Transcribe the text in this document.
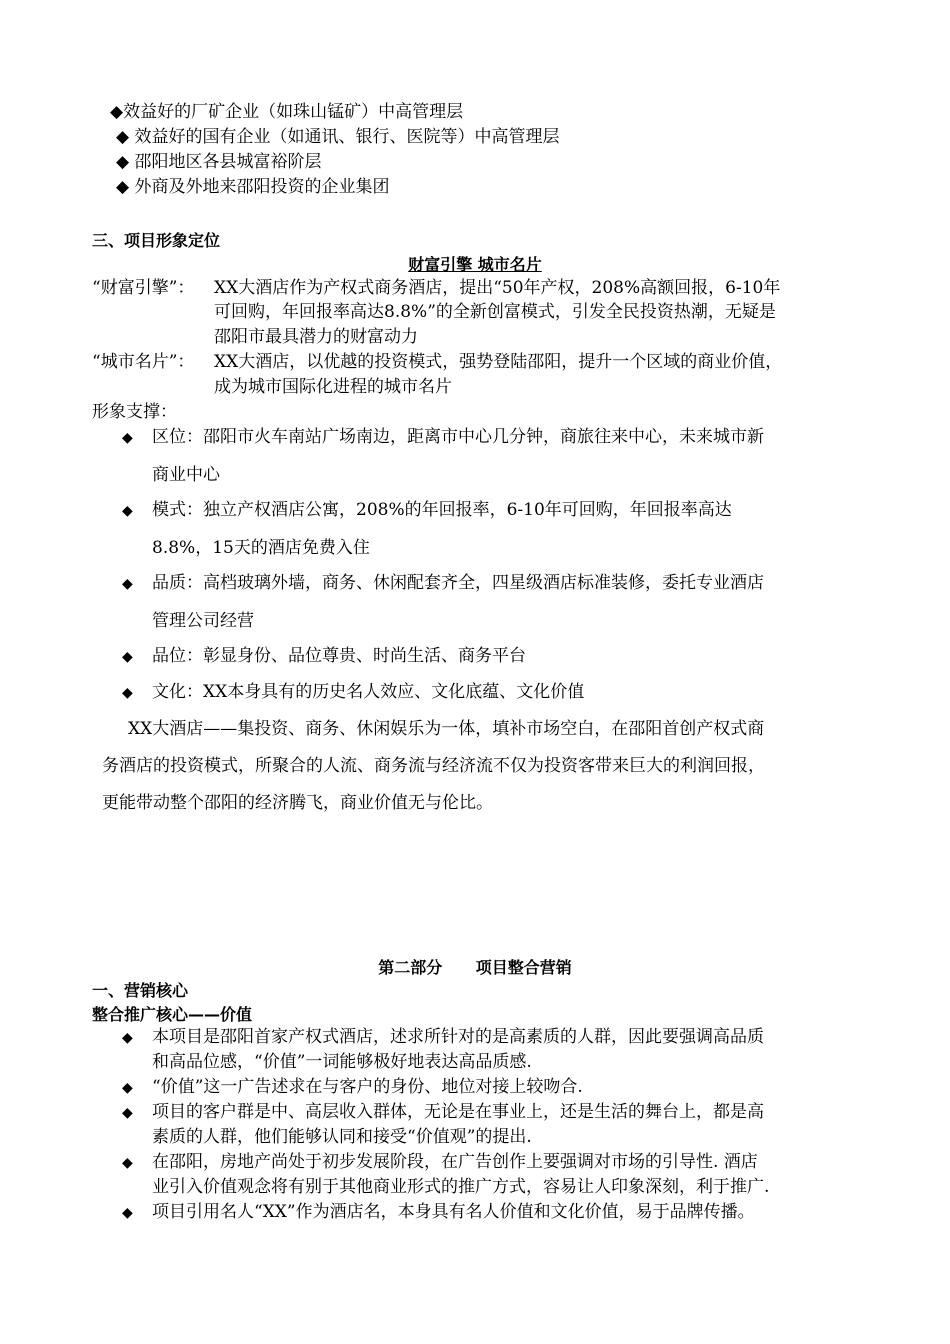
◆效益好的厂矿企业（如珠山锰矿）中高管理层
◆ 效益好的国有企业（如通讯、银行、医院等）中高管理层
◆ 邵阳地区各县城富裕阶层
◆ 外商及外地来邵阳投资的企业集团
三、项目形象定位
财富引擎 城市名片
“财富引擎”： XX大酒店作为产权式商务酒店，提出“50年产权，208%高额回报，6-10年
可回购，年回报率高达8.8%”的全新创富模式，引发全民投资热潮，无疑是
邵阳市最具潜力的财富动力
“城市名片”： XX大酒店，以优越的投资模式，强势登陆邵阳，提升一个区域的商业价值，
成为城市国际化进程的城市名片
形象支撑：
◆ 区位：邵阳市火车南站广场南边，距离市中心几分钟，商旅往来中心，未来城市新
商业中心
◆ 模式：独立产权酒店公寓，208%的年回报率，6-10年可回购，年回报率高达
8.8%，15天的酒店免费入住
◆ 品质：高档玻璃外墙，商务、休闲配套齐全，四星级酒店标准装修，委托专业酒店
管理公司经营
◆ 品位：彰显身份、品位尊贵、时尚生活、商务平台
◆ 文化：XX本身具有的历史名人效应、文化底蕴、文化价值
XX大酒店——集投资、商务、休闲娱乐为一体，填补市场空白，在邵阳首创产权式商
务酒店的投资模式，所聚合的人流、商务流与经济流不仅为投资客带来巨大的利润回报，
更能带动整个邵阳的经济腾飞，商业价值无与伦比。
第二部分      项目整合营销
一、营销核心
整合推广核心——价值
◆ 本项目是邵阳首家产权式酒店，述求所针对的是高素质的人群，因此要强调高品质
和高品位感，“价值”一词能够极好地表达高品质感.
◆ “价值”这一广告述求在与客户的身份、地位对接上较吻合.
◆ 项目的客户群是中、高层收入群体，无论是在事业上，还是生活的舞台上，都是高
素质的人群，他们能够认同和接受“价值观”的提出.
◆ 在邵阳，房地产尚处于初步发展阶段，在广告创作上要强调对市场的引导性. 酒店
业引入价值观念将有别于其他商业形式的推广方式，容易让人印象深刻，利于推广.
◆ 项目引用名人“XX”作为酒店名，本身具有名人价值和文化价值，易于品牌传播。
